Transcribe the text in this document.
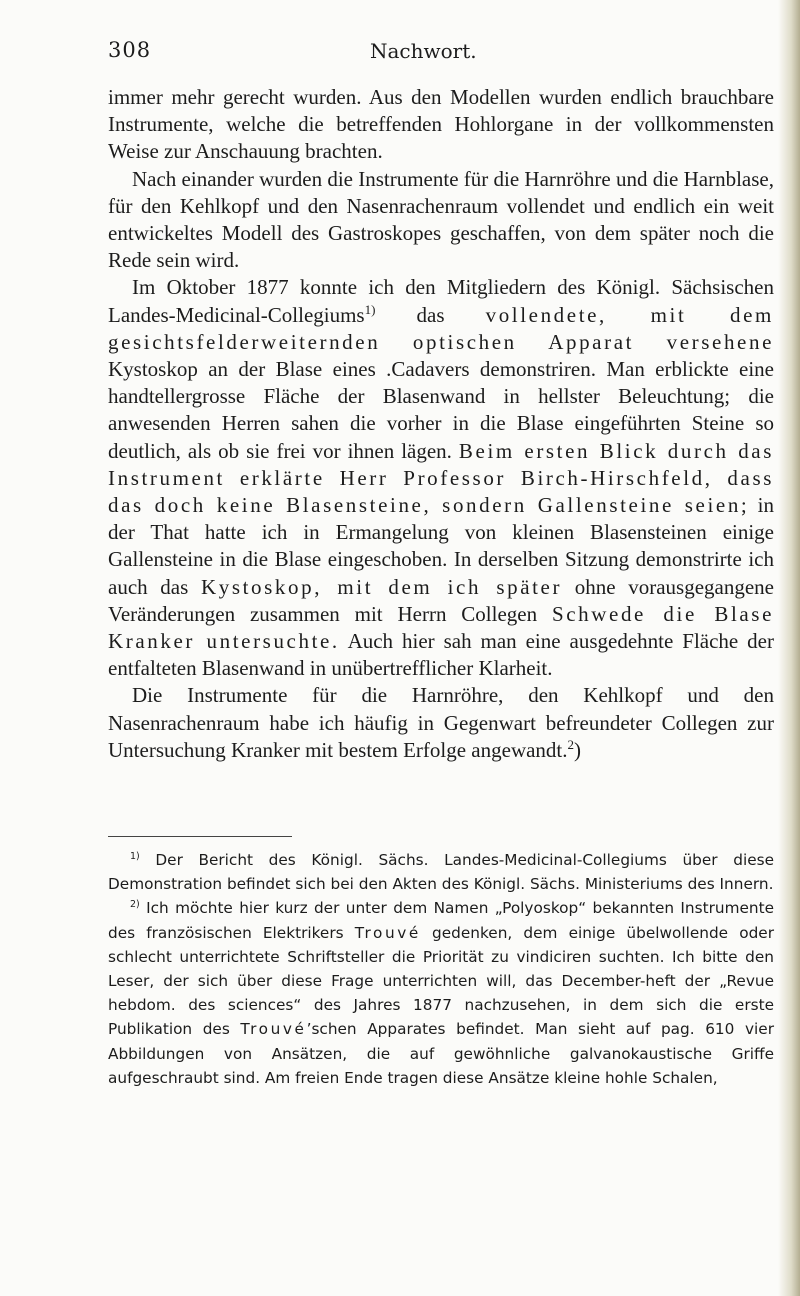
308	Nachwort.

immer mehr gerecht wurden. Aus den Modellen wurden endlich brauchbare Instrumente, welche die betreffenden Hohlorgane in der vollkommensten Weise zur Anschauung brachten.

Nach einander wurden die Instrumente für die Harnröhre und die Harnblase, für den Kehlkopf und den Nasenrachenraum vollendet und endlich ein weit entwickeltes Modell des Gastroskopes geschaffen, von dem später noch die Rede sein wird.

Im Oktober 1877 konnte ich den Mitgliedern des Königl. Sächsischen Landes-Medicinal-Collegiums$^{1)}$ das vollendete, mit dem gesichtsfelderweiternden optischen Apparat versehene Kystoskop an der Blase eines .Cadavers demonstriren. Man erblickte eine handtellergrosse Fläche der Blasenwand in hellster Beleuchtung; die anwesenden Herren sahen die vorher in die Blase eingeführten Steine so deutlich, als ob sie frei vor ihnen lägen. Beim ersten Blick durch das Instrument erklärte Herr Professor Birch-Hirschfeld, dass das doch keine Blasensteine, sondern Gallensteine seien; in der That hatte ich in Ermangelung von kleinen Blasensteinen einige Gallensteine in die Blase eingeschoben. In derselben Sitzung demonstrirte ich auch das Kystoskop, mit dem ich später ohne vorausgegangene Veränderungen zusammen mit Herrn Collegen Schwede die Blase Kranker untersuchte. Auch hier sah man eine ausgedehnte Fläche der entfalteten Blasenwand in unübertrefflicher Klarheit.

Die Instrumente für die Harnröhre, den Kehlkopf und den Nasenrachenraum habe ich häufig in Gegenwart befreundeter Collegen zur Untersuchung Kranker mit bestem Erfolge angewandt.$^2$)

$^{1)}$ Der Bericht des Königl. Sächs. Landes-Medicinal-Collegiums über diese Demonstration befindet sich bei den Akten des Königl. Sächs. Ministeriums des Innern.

$^{2)}$ Ich möchte hier kurz der unter dem Namen „Polyoskop“ bekannten Instrumente des französischen Elektrikers Trouvé gedenken, dem einige übelwollende oder schlecht unterrichtete Schriftsteller die Priorität zu vindiciren suchten. Ich bitte den Leser, der sich über diese Frage unterrichten will, das December-heft der „Revue hebdom. des sciences“ des Jahres 1877 nachzusehen, in dem sich die erste Publikation des Trouvé’schen Apparates befindet. Man sieht auf pag. 610 vier Abbildungen von Ansätzen, die auf gewöhnliche galvanokaustische Griffe aufgeschraubt sind. Am freien Ende tragen diese Ansätze kleine hohle Schalen,
